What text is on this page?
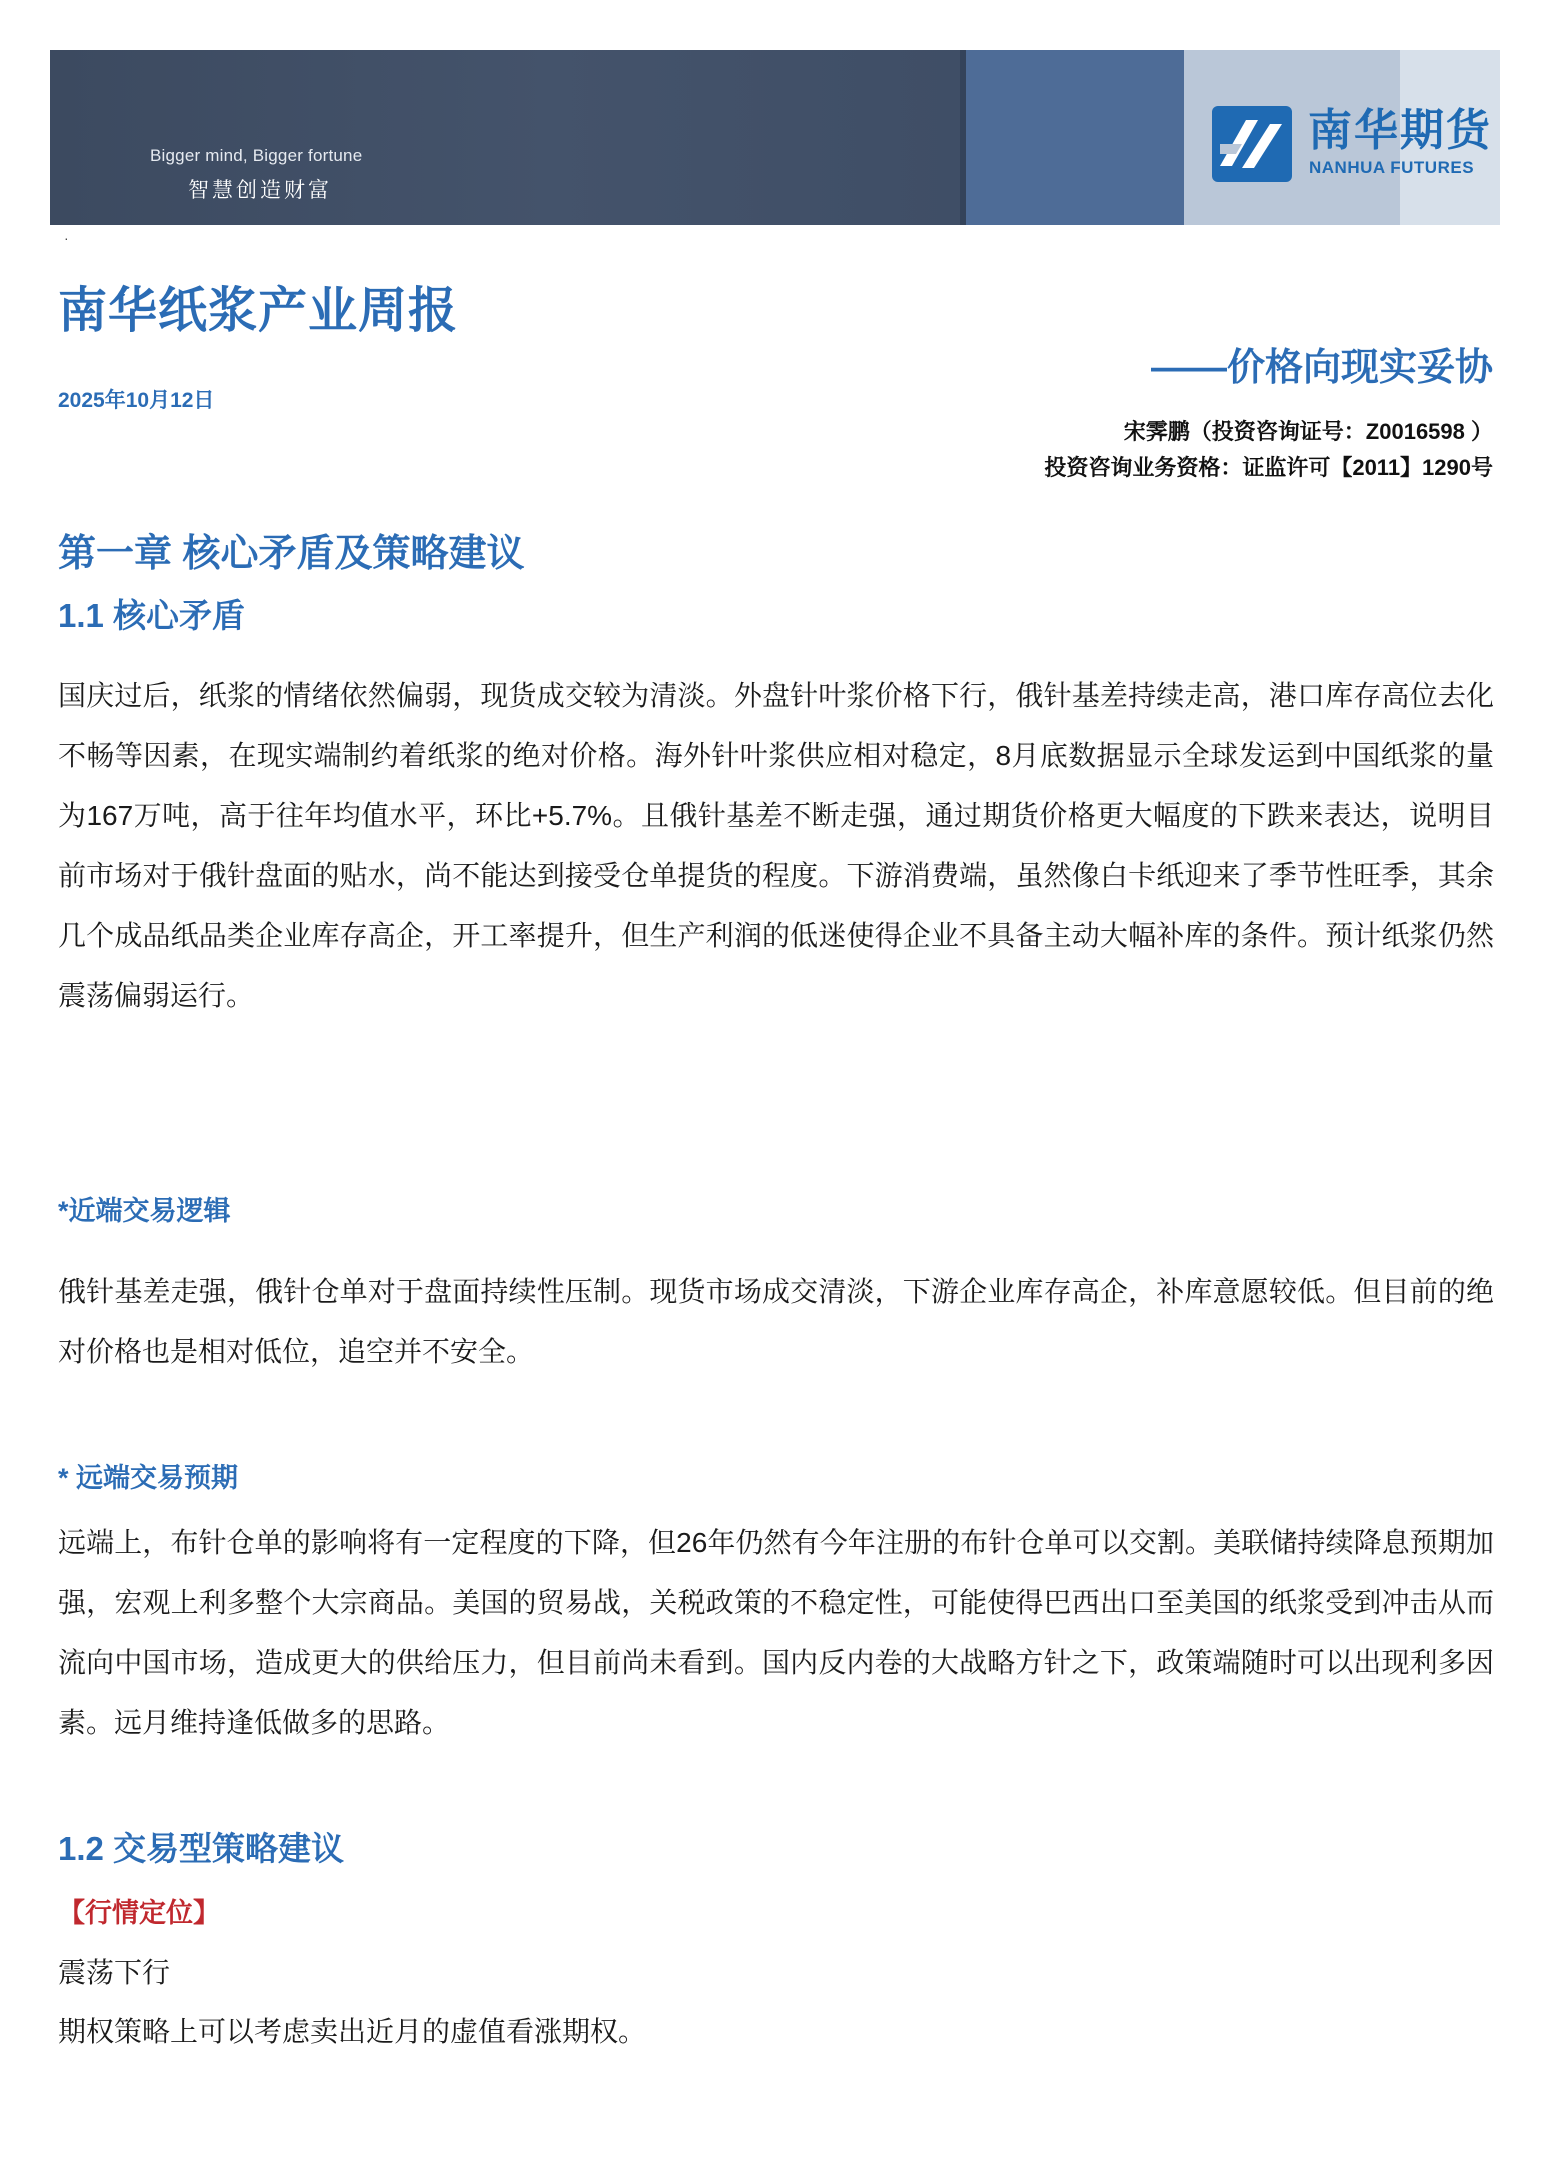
Bigger mind, Bigger fortune
智慧创造财富
南华期货
NANHUA FUTURES
·
南华纸浆产业周报
——价格向现实妥协
2025年10月12日
宋霁鹏（投资咨询证号：Z0016598 ）
投资咨询业务资格：证监许可【2011】1290号
第一章 核心矛盾及策略建议
1.1 核心矛盾
国庆过后，纸浆的情绪依然偏弱，现货成交较为清淡。外盘针叶浆价格下行，俄针基差持续走高，港口库存高位去化不畅等因素，在现实端制约着纸浆的绝对价格。海外针叶浆供应相对稳定，8月底数据显示全球发运到中国纸浆的量为167万吨，高于往年均值水平，环比+5.7%。且俄针基差不断走强，通过期货价格更大幅度的下跌来表达，说明目前市场对于俄针盘面的贴水，尚不能达到接受仓单提货的程度。下游消费端，虽然像白卡纸迎来了季节性旺季，其余几个成品纸品类企业库存高企，开工率提升，但生产利润的低迷使得企业不具备主动大幅补库的条件。预计纸浆仍然震荡偏弱运行。
*近端交易逻辑
俄针基差走强，俄针仓单对于盘面持续性压制。现货市场成交清淡，下游企业库存高企，补库意愿较低。但目前的绝对价格也是相对低位，追空并不安全。
* 远端交易预期
远端上，布针仓单的影响将有一定程度的下降，但26年仍然有今年注册的布针仓单可以交割。美联储持续降息预期加强，宏观上利多整个大宗商品。美国的贸易战，关税政策的不稳定性，可能使得巴西出口至美国的纸浆受到冲击从而流向中国市场，造成更大的供给压力，但目前尚未看到。国内反内卷的大战略方针之下，政策端随时可以出现利多因素。远月维持逢低做多的思路。
1.2 交易型策略建议
【行情定位】
震荡下行
期权策略上可以考虑卖出近月的虚值看涨期权。
